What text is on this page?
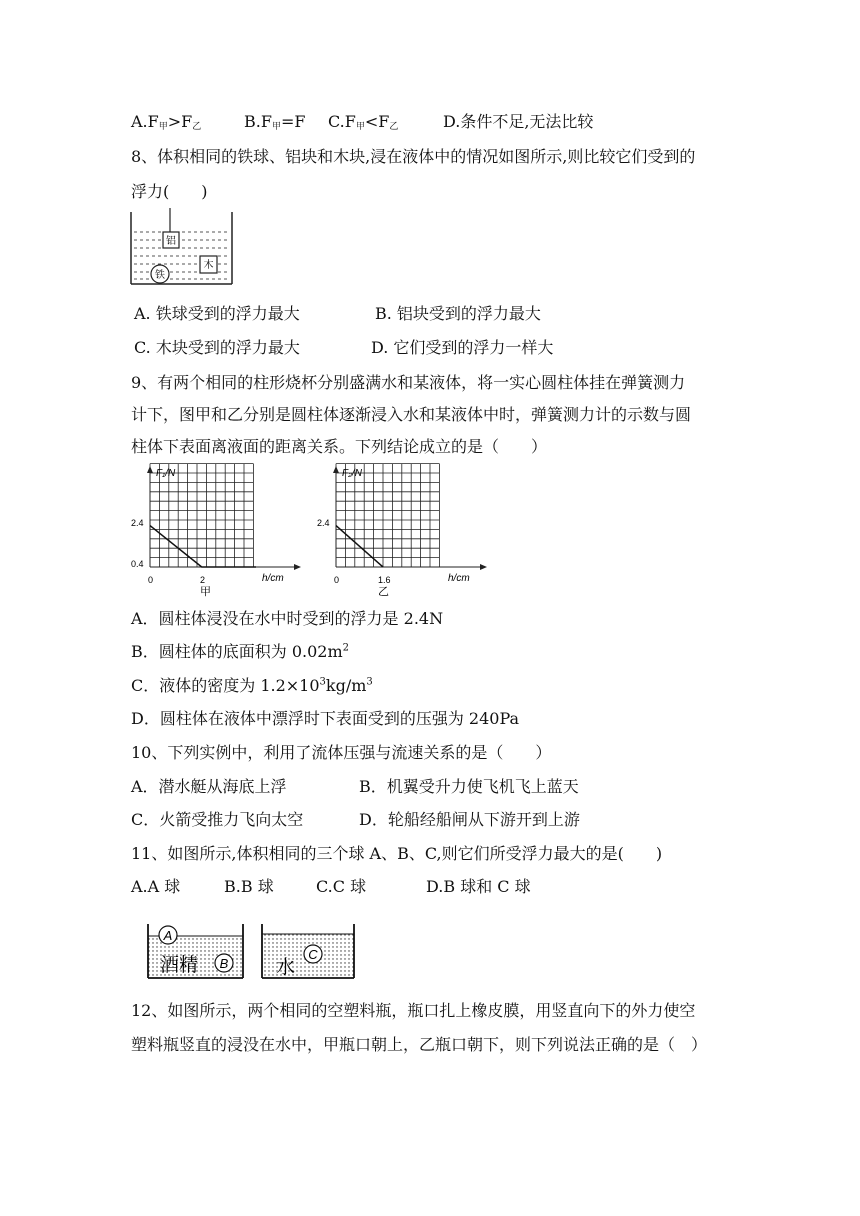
A.F甲>F乙	B.F甲=F C.F甲<F乙	D.条件不足,无法比较
8、体积相同的铁球、铝块和木块,浸在液体中的情况如图所示,则比较它们受到的
浮力(　　)
铝
木
铁
A. 铁球受到的浮力最大	B. 铝块受到的浮力最大
C. 木块受到的浮力最大	D. 它们受到的浮力一样大
9、有两个相同的柱形烧杯分别盛满水和某液体，将一实心圆柱体挂在弹簧测力
计下，图甲和乙分别是圆柱体逐渐浸入水和某液体中时，弹簧测力计的示数与圆
柱体下表面离液面的距离关系。下列结论成立的是（　　）
F₁/N
2.4
0.4
0	2	h/cm
甲
F₂/N
2.4
0	1.6	h/cm
乙
A．圆柱体浸没在水中时受到的浮力是 2.4N
B．圆柱体的底面积为 $0.02m^2$
C．液体的密度为 $1.2\times 10^3kg/m^3$
D．圆柱体在液体中漂浮时下表面受到的压强为 240Pa
10、下列实例中，利用了流体压强与流速关系的是（　　）
A．潜水艇从海底上浮	B．机翼受升力使飞机飞上蓝天
C．火箭受推力飞向太空	D．轮船经船闸从下游开到上游
11、如图所示,体积相同的三个球 A、B、C,则它们所受浮力最大的是(　　)
A.A 球	B.B 球	C.C 球	D.B 球和 C 球
A
酒精 B	水
C
12、如图所示，两个相同的空塑料瓶，瓶口扎上橡皮膜，用竖直向下的外力使空
塑料瓶竖直的浸没在水中，甲瓶口朝上，乙瓶口朝下，则下列说法正确的是（　）
